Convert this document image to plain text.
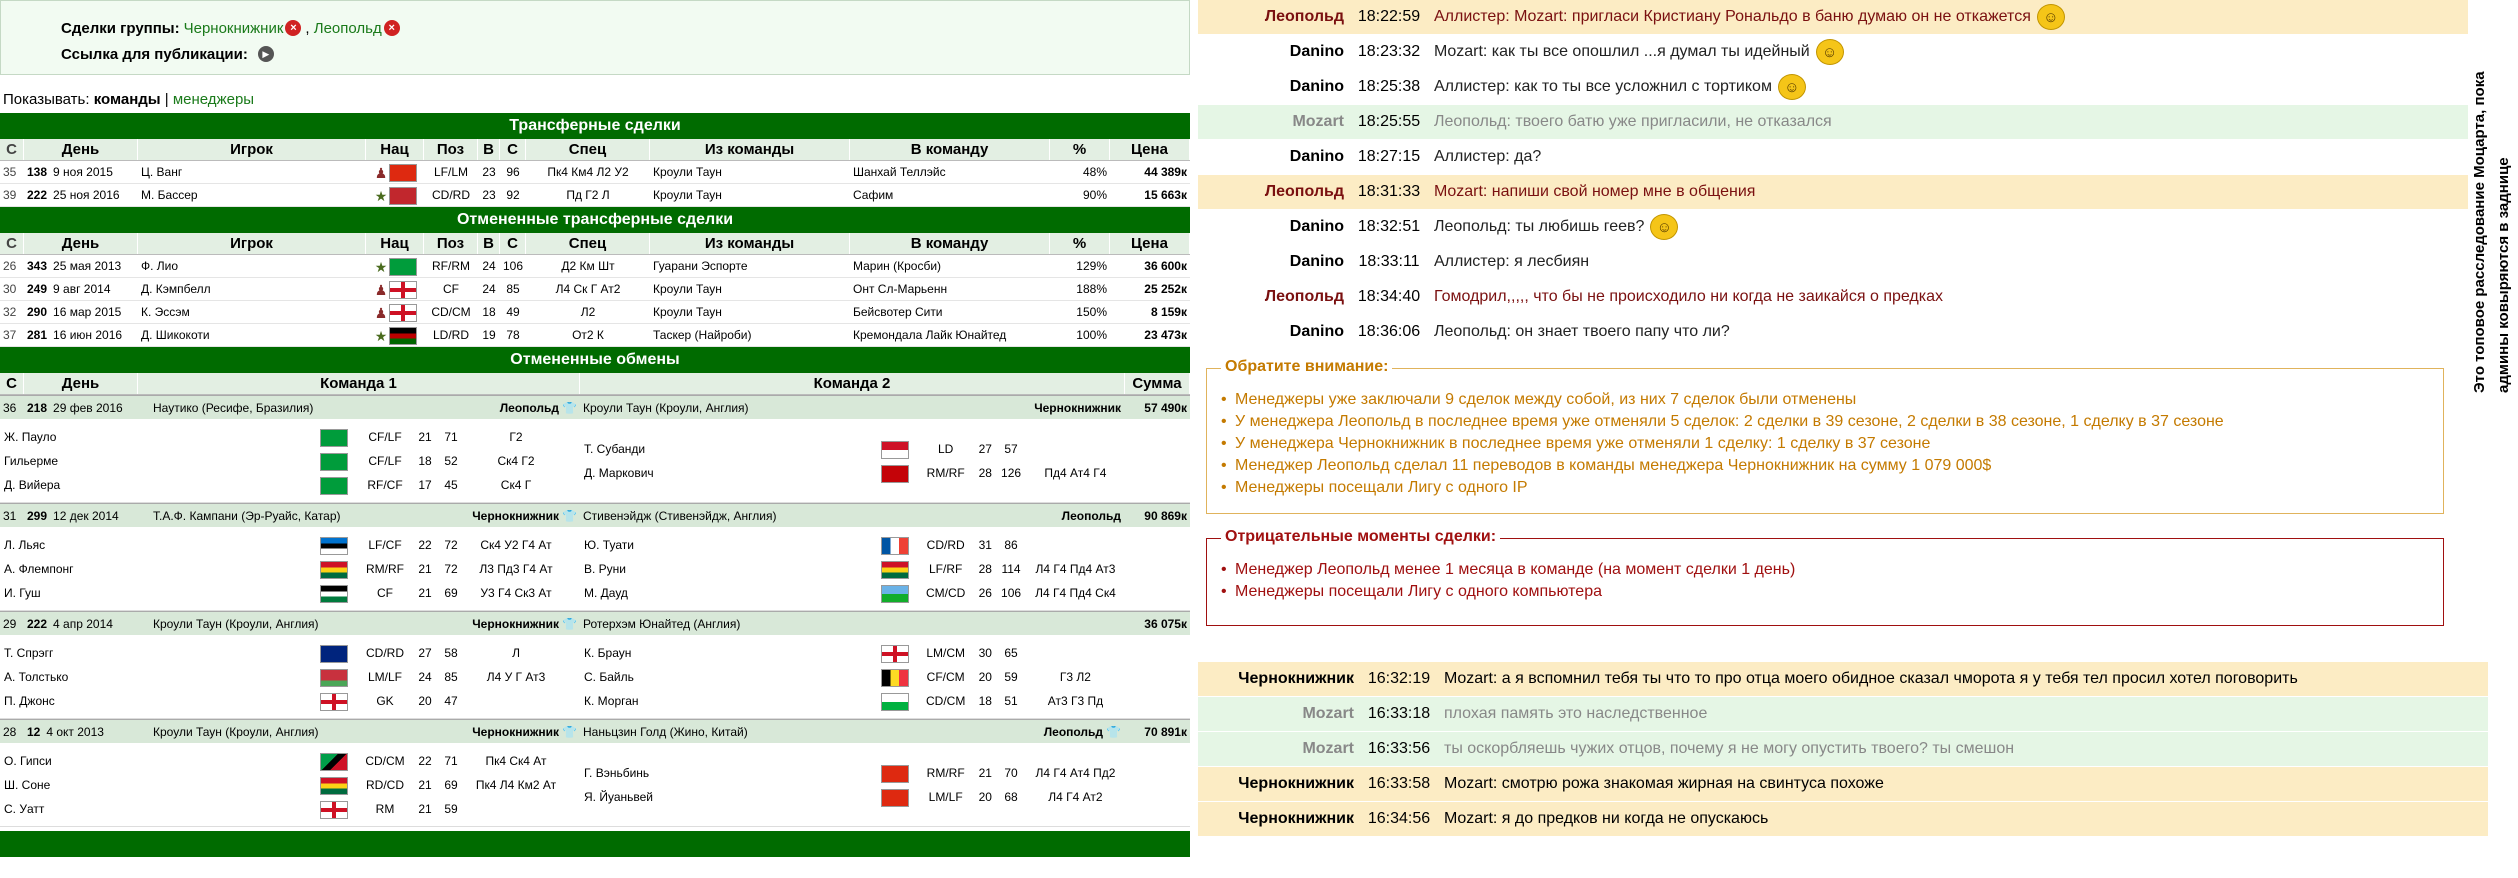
Сделки группы: Чернокнижник × ,
Леопольд ×
Ссылка для публикации:	▶
Показывать: команды | менеджеры
Трансферные сделки
С	День	Игрок	Нац	Поз	В С	Спец	Из команды	В команду	%	Цена
35 138 9 ноя 2015	Ц. Ванг	♟	LF/LM	23 96	Пк4 Км4 Л2 У2	Кроули Таун	Шанхай Теллэйс	48%	44 389к
39 222 25 ноя 2016	М. Бассер	★	CD/RD	23 92	Пд Г2 Л	Кроули Таун	Сафим	90%	15 663к
Отмененные трансферные сделки
С	День	Игрок	Нац	Поз	В С	Спец	Из команды	В команду	%	Цена
26 343 25 мая 2013	Ф. Лио	★	RF/RM	24 106	Д2 Км Шт	Гуарани Эспорте	Марин (Кросби)	129%	36 600к
30 249 9 авг 2014	Д. Кэмпбелл	♟	CF	24 85	Л4 Ск Г Ат2	Кроули Таун	Онт Сл-Марьенн	188%	25 252к
32 290 16 мар 2015	К. Эссэм	♟	CD/CM 18 49	Л2	Кроули Таун	Бейсвотер Сити	150%	8 159к
37 281 16 июн 2016	Д. Шикокоти	★	LD/RD	19 78	От2 К	Таскер (Найроби)	Кремондала Лайк Юнайтед	100%	23 473к
Отмененные обмены
С	День	Команда 1	Команда 2	Сумма
36 218 29 фев 2016	Наутико (Ресифе, Бразилия)	Леопольд 👕 Кроули Таун (Кроули, Англия)	Чернокнижник	57 490к
Ж. Пауло	CF/LF	21	71	Г2
Гильерме	CF/LF	18	52	Ск4 Г2
Д. Вийера	RF/CF	17	45	Ск4 Г
Т. Субанди	LD	27	57
Д. Маркович	RM/RF	28 126	Пд4 Ат4 Г4
31 299 12 дек 2014	Т.А.Ф. Кампани (Эр-Руайс, Катар)	Чернокнижник 👕 Стивенэйдж (Стивенэйдж, Англия)	Леопольд	90 869к
Л. Льяс	LF/CF	22	72	Ск4 У2 Г4 Ат
А. Флемпонг	RM/RF	21	72	Л3 Пд3 Г4 Ат
И. Гуш	CF	21	69	У3 Г4 Ск3 Ат
Ю. Туати	CD/RD	31	86
В. Руни	LF/RF	28 114	Л4 Г4 Пд4 Ат3
М. Дауд	CM/CD	26 106	Л4 Г4 Пд4 Ск4
29 222 4 апр 2014	Кроули Таун (Кроули, Англия)	Чернокнижник 👕 Ротерхэм Юнайтед (Англия)	36 075к
Т. Спрэгг	CD/RD	27	58	Л
А. Толстько	LM/LF	24	85	Л4 У Г Ат3
П. Джонс	GK	20	47
К. Браун	LM/CM	30	65
С. Байль	CF/CM	20	59	Г3 Л2
К. Морган	CD/CM	18	51	Ат3 Г3 Пд
28 12 4 окт 2013	Кроули Таун (Кроули, Англия)	Чернокнижник 👕 Наньцзин Голд (Жино, Китай)	Леопольд 👕	70 891к
О. Гипси	CD/CM	22	71	Пк4 Ск4 Ат
Ш. Соне	RD/CD	21	69	Пк4 Л4 Км2 Ат
С. Уатт	RM	21	59
Г. Вэньбинь	RM/RF	21	70	Л4 Г4 Ат4 Пд2
Я. Йуаньвей	LM/LF	20	68	Л4 Г4 Ат2
Леопольд 18:22:59 Аллистер: Mozart: пригласи Кристиану Рональдо в баню думаю он не откажется ☺
Danino 18:23:32 Mozart: как ты все опошлил ...я думал ты идейный ☺
Danino 18:25:38 Аллистер: как то ты все усложнил с тортиком ☺
Mozart 18:25:55 Леопольд: твоего батю уже пригласили, не отказался
Danino 18:27:15 Аллистер: да?
Леопольд 18:31:33 Mozart: напиши свой номер мне в общения
Danino 18:32:51 Леопольд: ты любишь геев? ☺
Danino 18:33:11 Аллистер: я лесбиян
Леопольд 18:34:40 Гомодрил,,,,, что бы не происходило ни когда не заикайся о предках
Danino 18:36:06 Леопольд: он знает твоего папу что ли?
Обратите внимание:
• Менеджеры уже заключали 9 сделок между собой, из них 7 сделок были отменены
• У менеджера Леопольд в последнее время уже отменяли 5 сделок: 2 сделки в 39 сезоне, 2 сделки в 38 сезоне, 1 сделку в 37 сезоне
• У менеджера Чернокнижник в последнее время уже отменяли 1 сделку: 1 сделку в 37 сезоне
• Менеджер Леопольд сделал 11 переводов в команды менеджера Чернокнижник на сумму 1 079 000$
• Менеджеры посещали Лигу с одного IP
Отрицательные моменты сделки:
• Менеджер Леопольд менее 1 месяца в команде (на момент сделки 1 день)
• Менеджеры посещали Лигу с одного компьютера
Чернокнижник 16:32:19 Mozart: а я вспомнил тебя ты что то про отца моего обидное сказал чморота я у тебя тел просил хотел поговорить
Mozart 16:33:18 плохая память это наследственное
Mozart 16:33:56 ты оскорбляешь чужих отцов, почему я не могу опустить твоего? ты смешон
Чернокнижник 16:33:58 Mozart: смотрю рожа знакомая жирная на свинтуса похоже
Чернокнижник 16:34:56 Mozart: я до предков ни когда не опускаюсь
Это топовое расследование Моцарта, пока админы ковыряются в заднице
